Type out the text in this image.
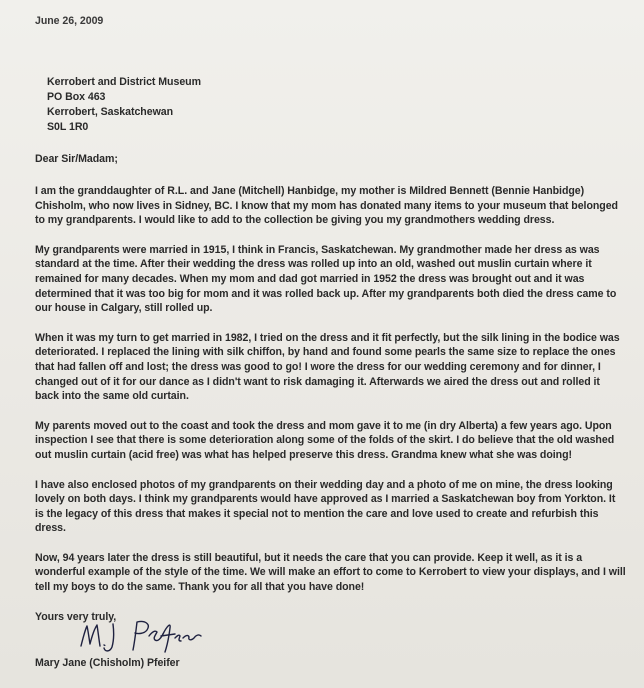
June 26, 2009
Kerrobert and District Museum
PO Box 463
Kerrobert, Saskatchewan
S0L 1R0
Dear Sir/Madam;

I am the granddaughter of R.L. and Jane (Mitchell) Hanbidge, my mother is Mildred Bennett (Bennie Hanbidge) Chisholm, who now lives in Sidney, BC. I know that my mom has donated many items to your museum that belonged to my grandparents. I would like to add to the collection be giving you my grandmothers wedding dress.

My grandparents were married in 1915, I think in Francis, Saskatchewan. My grandmother made her dress as was standard at the time. After their wedding the dress was rolled up into an old, washed out muslin curtain where it remained for many decades. When my mom and dad got married in 1952 the dress was brought out and it was determined that it was too big for mom and it was rolled back up. After my grandparents both died the dress came to our house in Calgary, still rolled up.

When it was my turn to get married in 1982, I tried on the dress and it fit perfectly, but the silk lining in the bodice was deteriorated. I replaced the lining with silk chiffon, by hand and found some pearls the same size to replace the ones that had fallen off and lost; the dress was good to go! I wore the dress for our wedding ceremony and for dinner, I changed out of it for our dance as I didn't want to risk damaging it. Afterwards we aired the dress out and rolled it back into the same old curtain.

My parents moved out to the coast and took the dress and mom gave it to me (in dry Alberta) a few years ago. Upon inspection I see that there is some deterioration along some of the folds of the skirt. I do believe that the old washed out muslin curtain (acid free) was what has helped preserve this dress. Grandma knew what she was doing!

I have also enclosed photos of my grandparents on their wedding day and a photo of me on mine, the dress looking lovely on both days. I think my grandparents would have approved as I married a Saskatchewan boy from Yorkton. It is the legacy of this dress that makes it special not to mention the care and love used to create and refurbish this dress.

Now, 94 years later the dress is still beautiful, but it needs the care that you can provide. Keep it well, as it is a wonderful example of the style of the time. We will make an effort to come to Kerrobert to view your displays, and I will tell my boys to do the same. Thank you for all that you have done!

Yours very truly,
Mary Jane (Chisholm) Pfeifer
